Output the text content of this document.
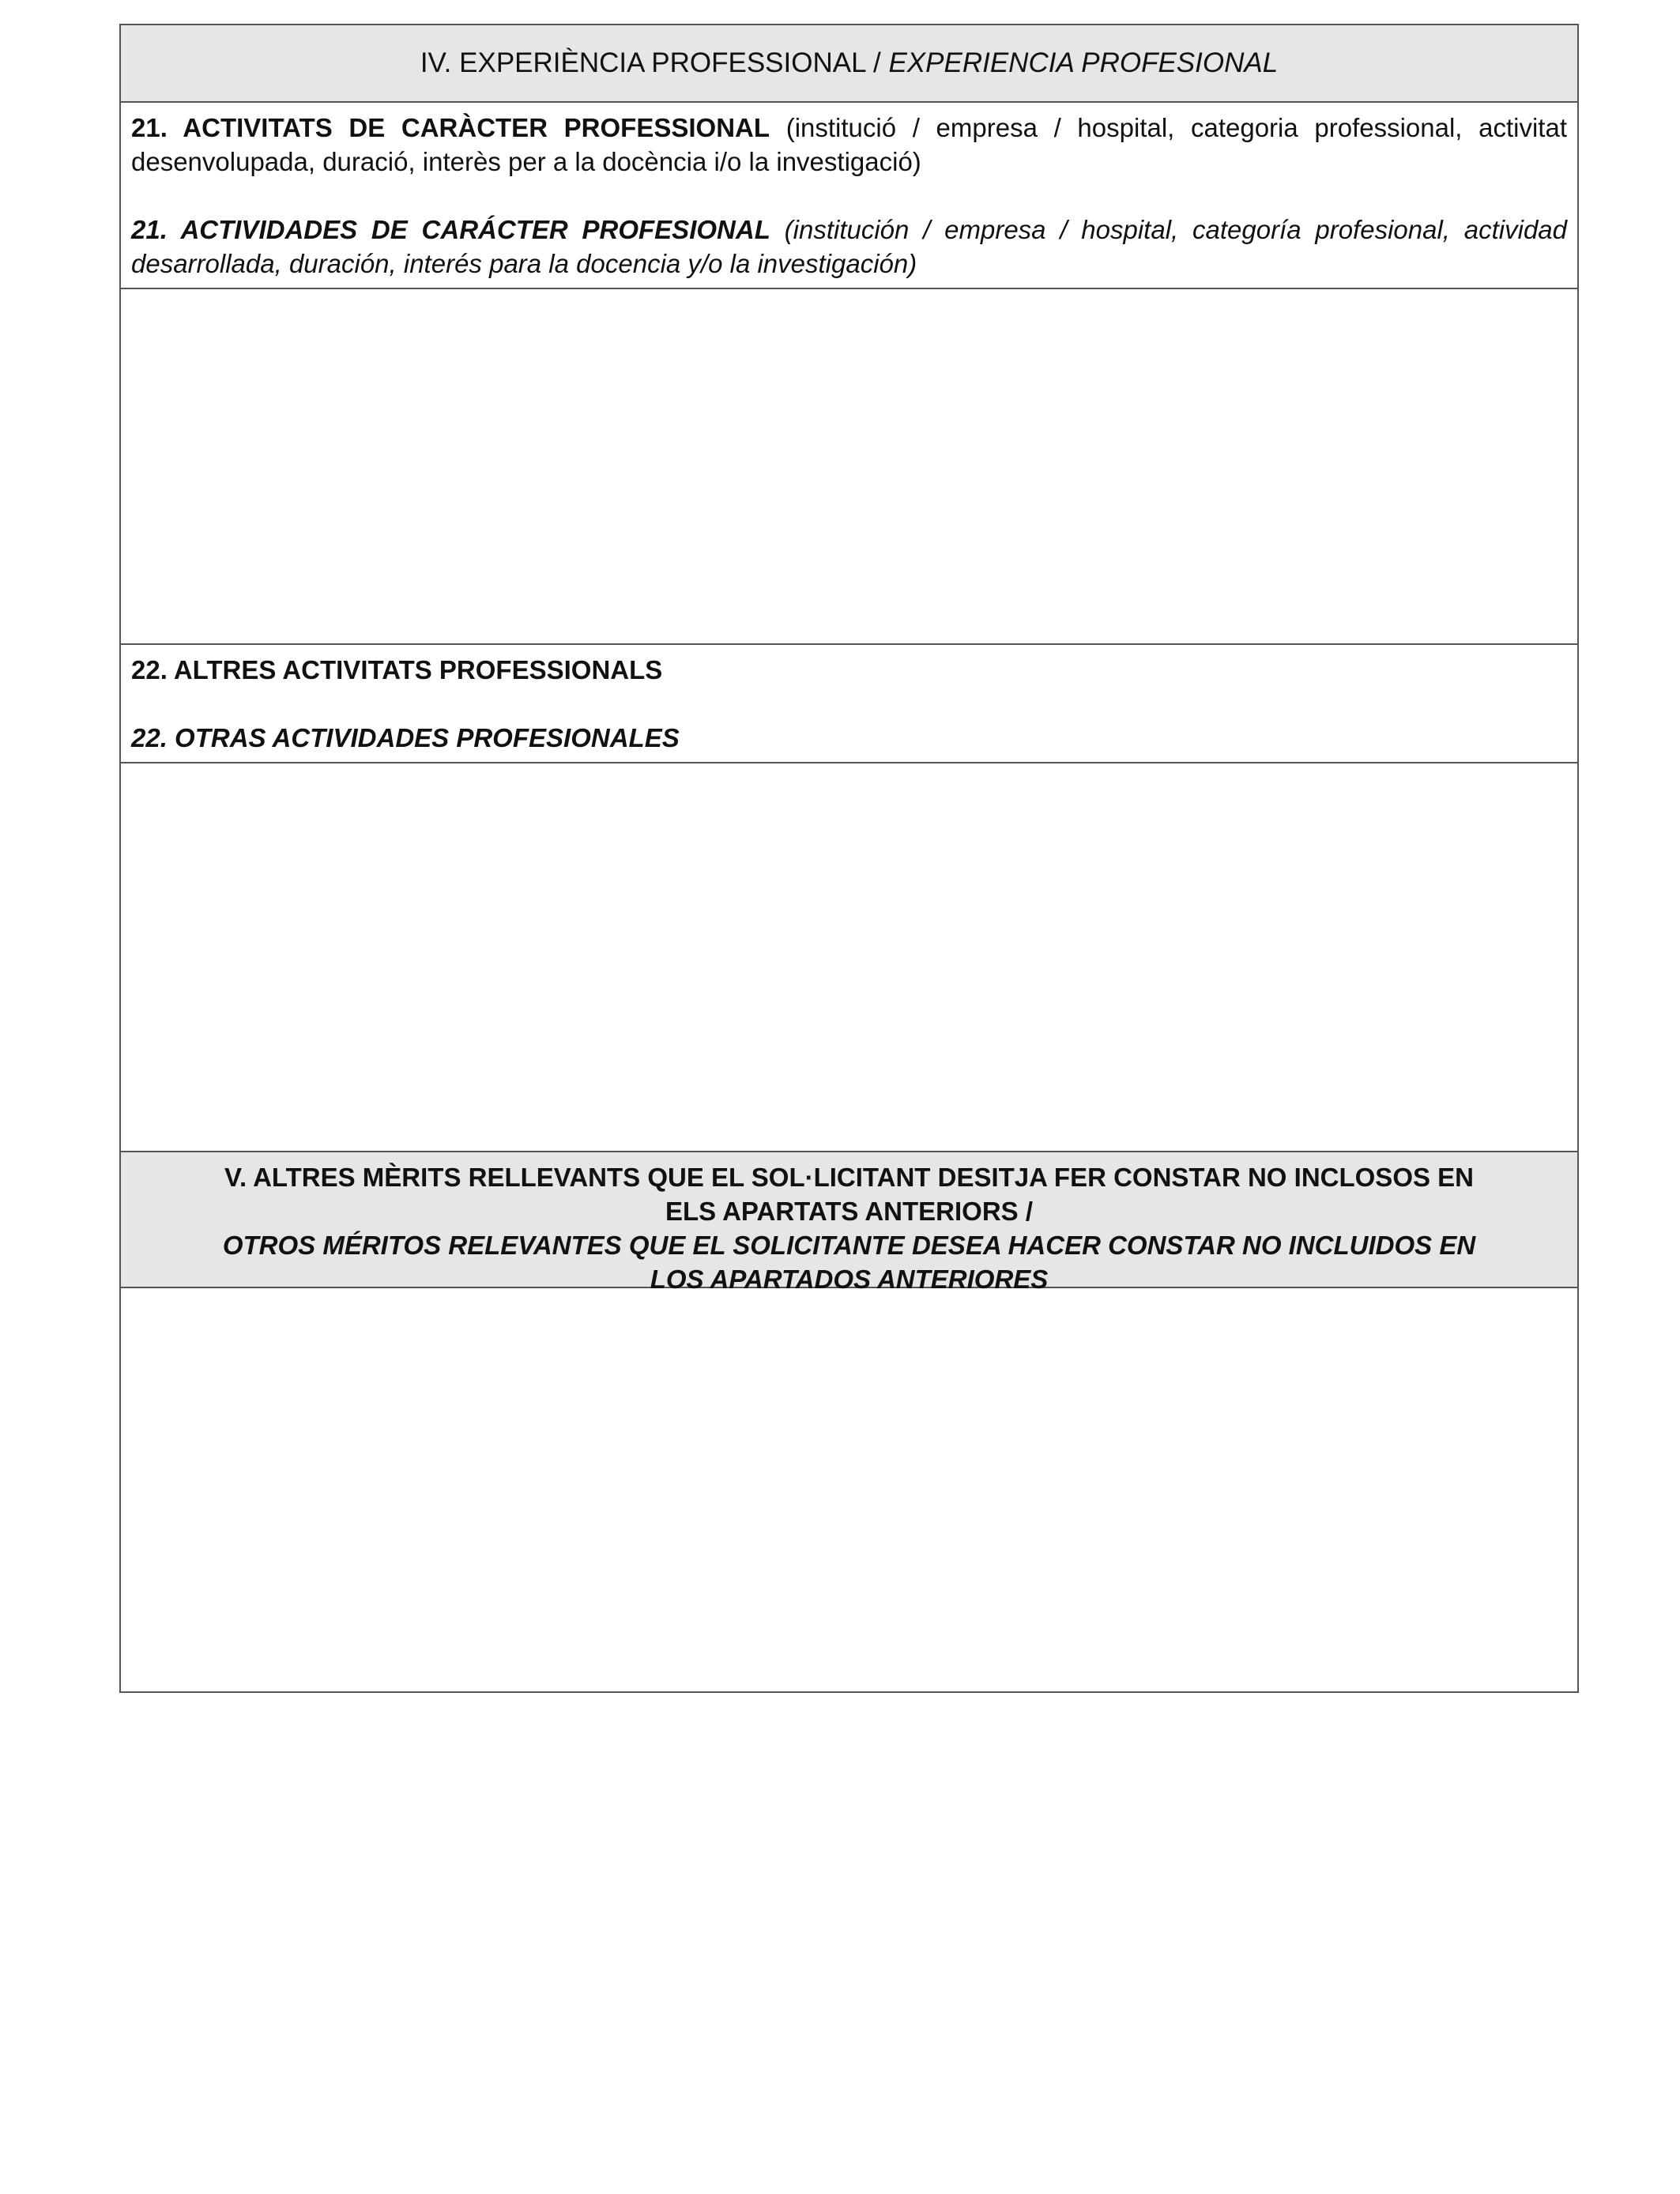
IV. EXPERIÈNCIA PROFESSIONAL /
EXPERIENCIA PROFESIONAL
21. ACTIVITATS DE CARÀCTER PROFESSIONAL (institució / empresa / hospital, categoria professional, activitat desenvolupada, duració, interès per a la docència i/o la investigació)
21. ACTIVIDADES DE CARÁCTER PROFESIONAL (institución / empresa / hospital, categoría profesional, actividad desarrollada, duración, interés para la docencia y/o la investigación)
22. ALTRES ACTIVITATS PROFESSIONALS
22. OTRAS ACTIVIDADES PROFESIONALES
V. ALTRES MÈRITS RELLEVANTS QUE EL SOL·LICITANT DESITJA FER CONSTAR NO INCLOSOS EN
ELS APARTATS ANTERIORS /
OTROS MÉRITOS RELEVANTES QUE EL SOLICITANTE DESEA HACER CONSTAR NO INCLUIDOS EN
LOS APARTADOS ANTERIORES
